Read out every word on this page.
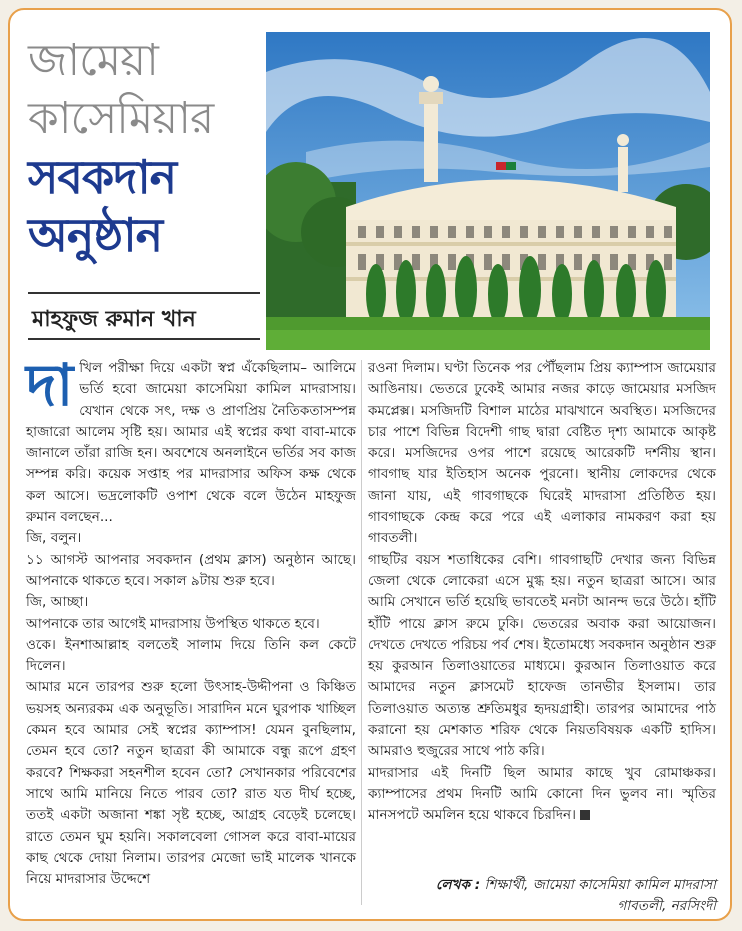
জামেয়া
কাসেমিয়ার
সবকদান
অনুষ্ঠান
মাহফুজ রুমান খান

দাখিল পরীক্ষা দিয়ে একটা স্বপ্ন এঁকেছিলাম– আলিমে ভর্তি হবো জামেয়া কাসেমিয়া কামিল মাদরাসায়। যেখান থেকে সৎ, দক্ষ ও প্রাণপ্রিয় নৈতিকতাসম্পন্ন হাজারো আলেম সৃষ্টি হয়। আমার এই স্বপ্নের কথা বাবা-মাকে জানালে তাঁরা রাজি হন। অবশেষে অনলাইনে ভর্তির সব কাজ সম্পন্ন করি। কয়েক সপ্তাহ পর মাদরাসার অফিস কক্ষ থেকে কল আসে। ভদ্রলোকটি ওপাশ থেকে বলে উঠেন মাহফুজ রুমান বলছেন...

জি, বলুন।

১১ আগস্ট আপনার সবকদান (প্রথম ক্লাস) অনুষ্ঠান আছে। আপনাকে থাকতে হবে। সকাল ৯টায় শুরু হবে।

জি, আচ্ছা।

আপনাকে তার আগেই মাদরাসায় উপস্থিত থাকতে হবে।

ওকে। ইনশাআল্লাহ বলতেই সালাম দিয়ে তিনি কল কেটে দিলেন।

আমার মনে তারপর শুরু হলো উৎসাহ-উদ্দীপনা ও কিঞ্চিত ভয়সহ অন্যরকম এক অনুভূতি। সারাদিন মনে ঘুরপাক খাচ্ছিল কেমন হবে আমার সেই স্বপ্নের ক্যাম্পাস! যেমন বুনছিলাম, তেমন হবে তো? নতুন ছাত্ররা কী আমাকে বন্ধু রূপে গ্রহণ করবে? শিক্ষকরা সহনশীল হবেন তো? সেখানকার পরিবেশের সাথে আমি মানিয়ে নিতে পারব তো? রাত যত দীর্ঘ হচ্ছে, ততই একটা অজানা শঙ্কা সৃষ্ট হচ্ছে, আগ্রহ বেড়েই চলেছে। রাতে তেমন ঘুম হয়নি। সকালবেলা গোসল করে বাবা-মায়ের কাছ থেকে দোয়া নিলাম। তারপর মেজো ভাই মালেক খানকে নিয়ে মাদরাসার উদ্দেশে

রওনা দিলাম। ঘণ্টা তিনেক পর পৌঁছলাম প্রিয় ক্যাম্পাস জামেয়ার আঙিনায়। ভেতরে ঢুকেই আমার নজর কাড়ে জামেয়ার মসজিদ কমপ্লেক্স। মসজিদটি বিশাল মাঠের মাঝখানে অবস্থিত। মসজিদের চার পাশে বিভিন্ন বিদেশী গাছ দ্বারা বেষ্টিত দৃশ্য আমাকে আকৃষ্ট করে। মসজিদের ওপর পাশে রয়েছে আরেকটি দর্শনীয় স্থান। গাবগাছ যার ইতিহাস অনেক পুরনো। স্থানীয় লোকদের থেকে জানা যায়, এই গাবগাছকে ঘিরেই মাদরাসা প্রতিষ্ঠিত হয়। গাবগাছকে কেন্দ্র করে পরে এই এলাকার নামকরণ করা হয় গাবতলী।

গাছটির বয়স শতাধিকের বেশি। গাবগাছটি দেখার জন্য বিভিন্ন জেলা থেকে লোকেরা এসে মুগ্ধ হয়। নতুন ছাত্ররা আসে। আর আমি সেখানে ভর্তি হয়েছি ভাবতেই মনটা আনন্দ ভরে উঠে। হাঁটি হাঁটি পায়ে ক্লাস রুমে ঢুকি। ভেতরের অবাক করা আয়োজন। দেখতে দেখতে পরিচয় পর্ব শেষ। ইতোমধ্যে সবকদান অনুষ্ঠান শুরু হয় কুরআন তিলাওয়াতের মাধ্যমে। কুরআন তিলাওয়াত করে আমাদের নতুন ক্লাসমেট হাফেজ তানভীর ইসলাম। তার তিলাওয়াত অত্যন্ত শ্রুতিমধুর হৃদয়গ্রাহী। তারপর আমাদের পাঠ করানো হয় মেশকাত শরিফ থেকে নিয়তবিষয়ক একটি হাদিস। আমরাও হুজুরের সাথে পাঠ করি।

মাদরাসার এই দিনটি ছিল আমার কাছে খুব রোমাঞ্চকর। ক্যাম্পাসের প্রথম দিনটি আমি কোনো দিন ভুলব না। স্মৃতির মানসপটে অমলিন হয়ে থাকবে চিরদিন।

লেখক : শিক্ষার্থী, জামেয়া কাসেমিয়া কামিল মাদরাসা
গাবতলী, নরসিংদী
